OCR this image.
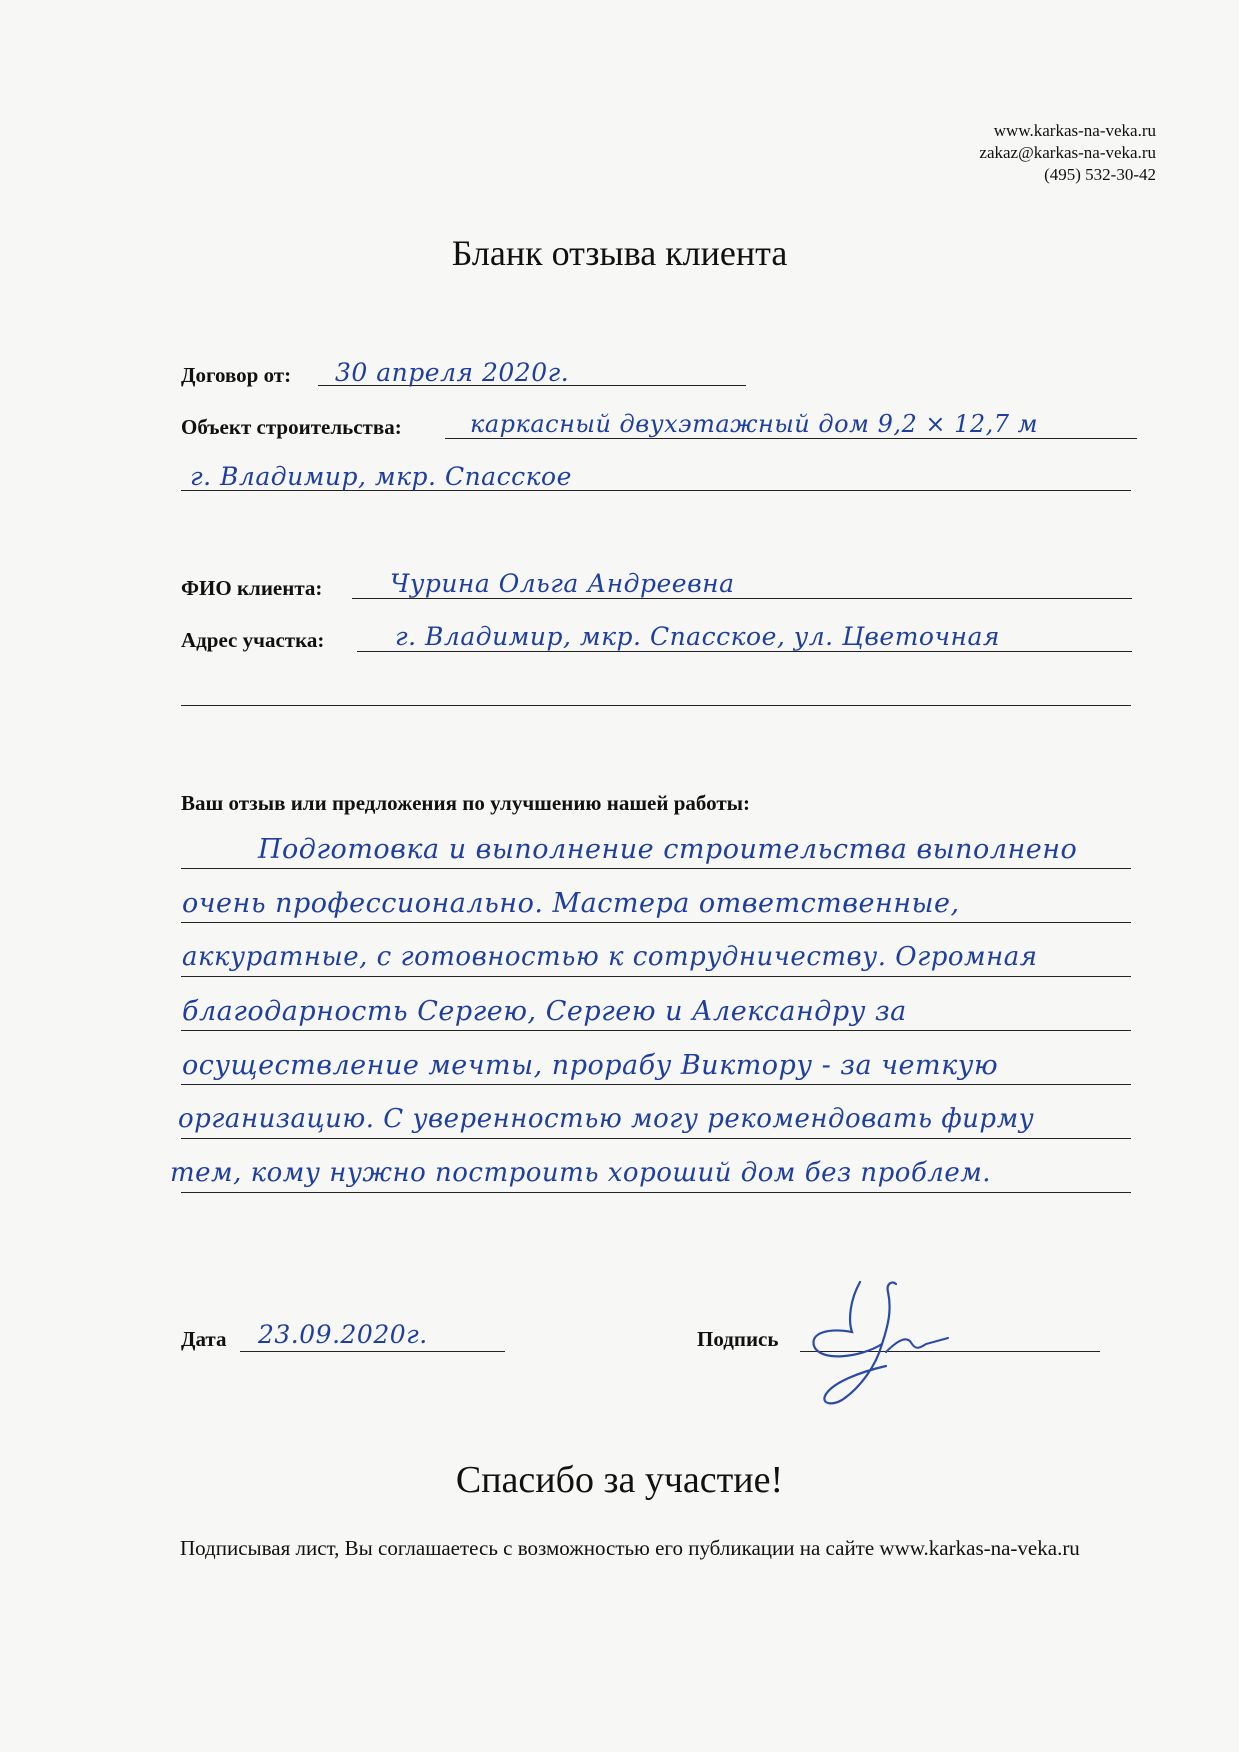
www.karkas-na-veka.ru
zakaz@karkas-na-veka.ru
(495) 532-30-42
Бланк отзыва клиента
Договор от: 30 апреля 2020г.
Объект строительства:	каркасный двухэтажный дом 9,2 × 12,7 м
г. Владимир, мкр. Спасское
ФИО клиента:	Чурина Ольга Андреевна
Адрес участка:	г. Владимир, мкр. Спасское, ул. Цветочная
Ваш отзыв или предложения по улучшению нашей работы:
Подготовка и выполнение строительства выполнено
очень профессионально. Мастера ответственные,
аккуратные, с готовностью к сотрудничеству. Огромная
благодарность Сергею, Сергею и Александру за
осуществление мечты, прорабу Виктору - за четкую
организацию. С уверенностью могу рекомендовать фирму
тем, кому нужно построить хороший дом без проблем.
Дата 23.09.2020г.	Подпись
Спасибо за участие!
Подписывая лист, Вы соглашаетесь с возможностью его публикации на сайте www.karkas-na-veka.ru
